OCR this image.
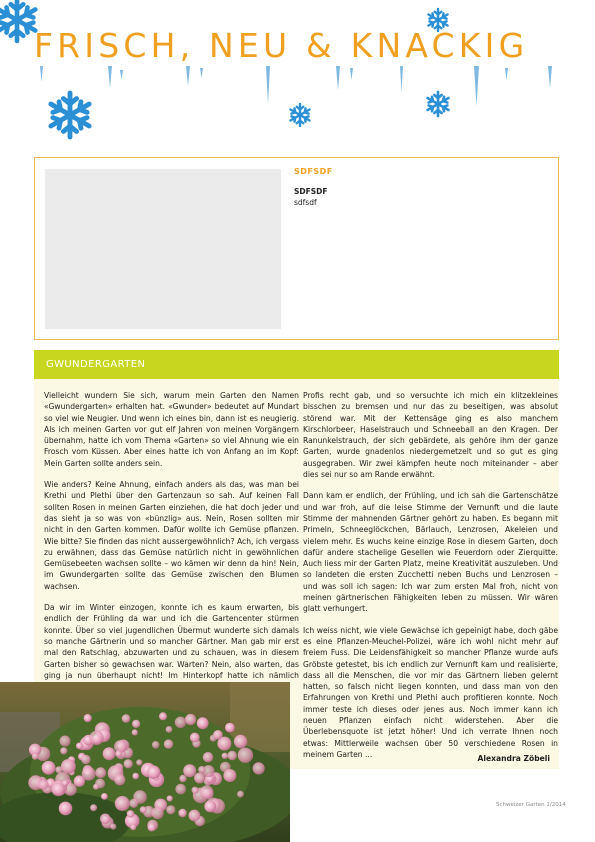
FRISCH, NEU & KNACKIG
SDFSDF
SDFSDF
sdfsdf
GWUNDERGARTEN

Vielleicht wundern Sie sich, warum mein Garten den Namen «Gwundergarten» erhalten hat. «Gwunder» bedeutet auf Mundart so viel wie Neugier. Und wenn ich eines bin, dann ist es neugierig. Als ich meinen Garten vor gut elf Jahren von meinen Vorgängern übernahm, hatte ich vom Thema «Garten» so viel Ahnung wie ein Frosch vom Küssen. Aber eines hatte ich von Anfang an im Kopf: Mein Garten sollte anders sein.

Wie anders? Keine Ahnung, einfach anders als das, was man bei Krethi und Plethi über den Gartenzaun so sah. Auf keinen Fall sollten Rosen in meinen Garten einziehen, die hat doch jeder und das sieht ja so was von «bünzlig» aus. Nein, Rosen sollten mir nicht in den Garten kommen. Dafür wollte ich Gemüse pflanzen. Wie bitte? Sie finden das nicht aussergewöhnlich? Ach, ich vergass zu erwähnen, dass das Gemüse natürlich nicht in gewöhnlichen Gemüsebeeten wachsen sollte – wo kämen wir denn da hin! Nein, im Gwundergarten sollte das Gemüse zwischen den Blumen wachsen.

Da wir im Winter einzogen, konnte ich es kaum erwarten, bis endlich der Frühling da war und ich die Gartencenter stürmen konnte. Über so viel jugendlichen Übermut wunderte sich damals so manche Gärtnerin und so mancher Gärtner. Man gab mir erst mal den Ratschlag, abzuwarten und zu schauen, was in diesem Garten bisher so gewachsen war. Warten? Nein, also warten, das ging ja nun überhaupt nicht! Im Hinterkopf hatte ich nämlich

Profis recht gab, und so versuchte ich mich ein klitzekleines bisschen zu bremsen und nur das zu beseitigen, was absolut störend war. Mit der Kettensäge ging es also manchem Kirschlorbeer, Haselstrauch und Schneeball an den Kragen. Der Ranunkelstrauch, der sich gebärdete, als gehöre ihm der ganze Garten, wurde gnadenlos niedergemetzelt und so gut es ging ausgegraben. Wir zwei kämpfen heute noch miteinander – aber dies sei nur so am Rande erwähnt.

Dann kam er endlich, der Frühling, und ich sah die Gartenschätze und war froh, auf die leise Stimme der Vernunft und die laute Stimme der mahnenden Gärtner gehört zu haben. Es begann mit Primeln, Schneeglöckchen, Bärlauch, Lenzrosen, Akeleien und vielem mehr. Es wuchs keine einzige Rose in diesem Garten, doch dafür andere stachelige Gesellen wie Feuerdorn oder Zierquitte. Auch liess mir der Garten Platz, meine Kreativität auszuleben. Und so landeten die ersten Zucchetti neben Buchs und Lenzrosen – und was soll ich sagen: Ich war zum ersten Mal froh, nicht von meinen gärtnerischen Fähigkeiten leben zu müssen. Wir wären glatt verhungert.

Ich weiss nicht, wie viele Gewächse ich gepeinigt habe, doch gäbe es eine Pflanzen-Meuchel-Polizei, wäre ich wohl nicht mehr auf freiem Fuss. Die Leidensfähigkeit so mancher Pflanze wurde aufs Gröbste getestet, bis ich endlich zur Vernunft kam und realisierte, dass all die Menschen, die vor mir das Gärtnern lieben gelernt hatten, so falsch nicht liegen konnten, und dass man von den Erfahrungen von Krethi und Plethi auch profitieren konnte. Noch immer teste ich dieses oder jenes aus. Noch immer kann ich neuen Pflanzen einfach nicht widerstehen. Aber die Überlebensquote ist jetzt höher! Und ich verrate Ihnen noch etwas: Mittlerweile wachsen über 50 verschiedene Rosen in meinem Garten ...	Alexandra Zöbeli
Schweizer Garten 1/2014
